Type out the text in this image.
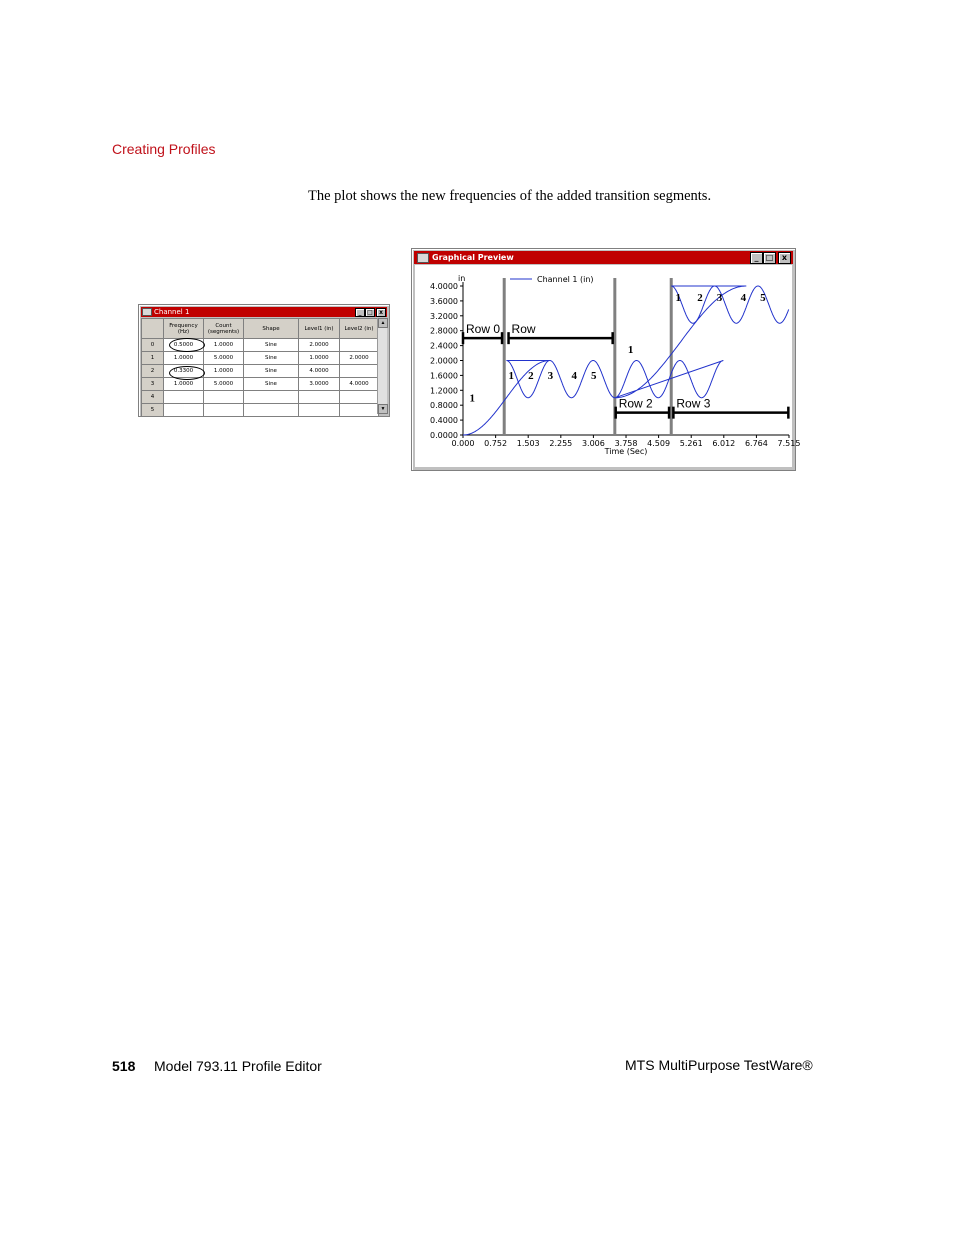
Creating Profiles
The plot shows the new frequencies of the added transition segments.
Channel 1	_ □	x
	Frequency (Hz)	Count (segments)	Shape	Level1 (in)	Level2 (in)
0	0.5000	1.0000	Sine	2.0000	
1	1.0000	5.0000	Sine	1.0000	2.0000
2	0.3300	1.0000	Sine	4.0000	
3	1.0000	5.0000	Sine	3.0000	4.0000
4					
5					
▲
▼
Graphical Preview	_ □	x
0.0000
0.4000
0.8000
1.2000
1.6000
2.0000
2.4000
2.8000
3.2000
3.6000
4.0000
0.000 0.752 1.503 2.255 3.006 3.758 4.509 5.261 6.012 6.764 7.515
Time (Sec)
in	Channel 1 (in)
Row 0 Row
Row 2 Row 3
1
1 2 3 4 5
1
1 2 3 4 5
518 Model 793.11 Profile Editor	MTS MultiPurpose TestWare®
